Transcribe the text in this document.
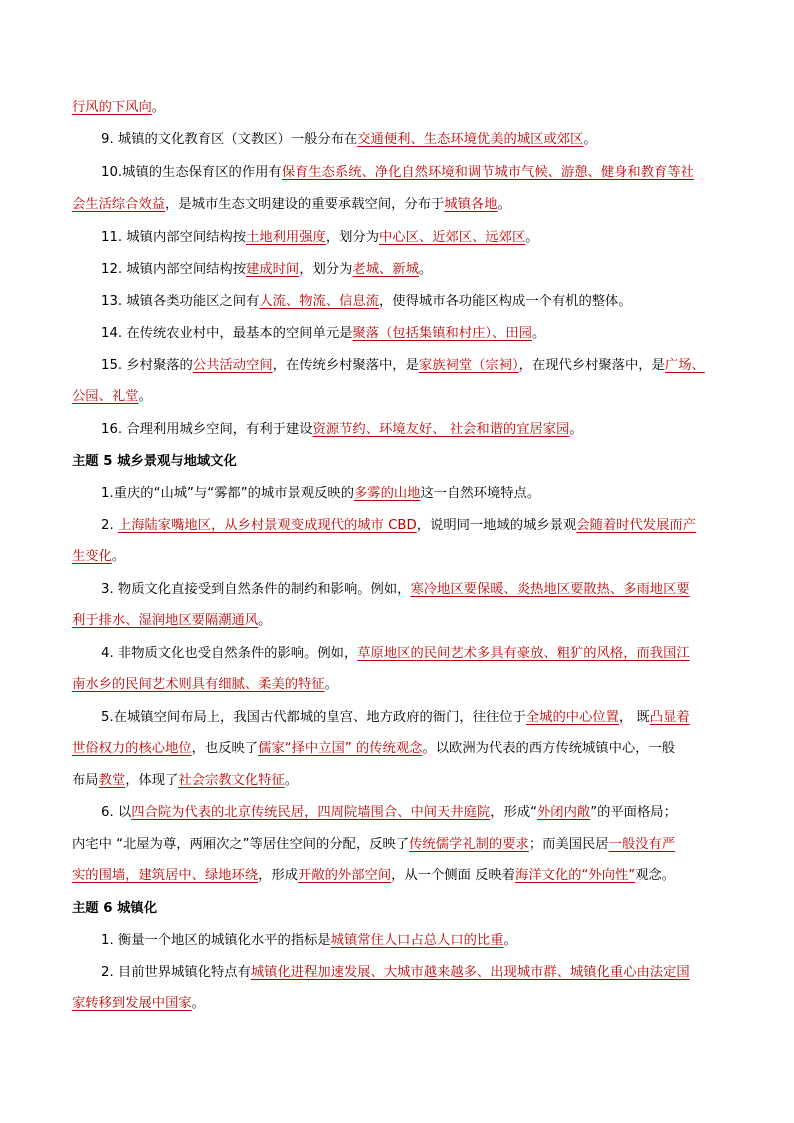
行风的下风向。
9. 城镇的文化教育区（文教区）一般分布在交通便利、生态环境优美的城区或郊区。
10.城镇的生态保育区的作用有保育生态系统、净化自然环境和调节城市气候、游憩、健身和教育等社
会生活综合效益，是城市生态文明建设的重要承载空间，分布于城镇各地。
11. 城镇内部空间结构按土地利用强度，划分为中心区、近郊区、远郊区。
12. 城镇内部空间结构按建成时间，划分为老城、新城。
13. 城镇各类功能区之间有人流、物流、信息流，使得城市各功能区构成一个有机的整体。
14. 在传统农业村中，最基本的空间单元是聚落（包括集镇和村庄）、田园。
15. 乡村聚落的公共活动空间，在传统乡村聚落中，是家族祠堂（宗祠），在现代乡村聚落中，是广场、
公园、礼堂。
16. 合理利用城乡空间，有利于建设资源节约、环境友好、 社会和谐的宜居家园。
主题 5 城乡景观与地域文化
1.重庆的“山城”与“雾都”的城市景观反映的多雾的山地这一自然环境特点。
2. 上海陆家嘴地区，从乡村景观变成现代的城市 CBD，说明同一地域的城乡景观会随着时代发展而产
生变化。
3. 物质文化直接受到自然条件的制约和影响。例如，寒冷地区要保暖、炎热地区要散热、多雨地区要
利于排水、湿润地区要隔潮通风。
4. 非物质文化也受自然条件的影响。例如，草原地区的民间艺术多具有豪放、粗犷的风格，而我国江
南水乡的民间艺术则具有细腻、柔美的特征。
5.在城镇空间布局上，我国古代都城的皇宫、地方政府的衙门，往往位于全城的中心位置， 既凸显着
世俗权力的核心地位，也反映了儒家“择中立国” 的传统观念。以欧洲为代表的西方传统城镇中心，一般
布局教堂，体现了社会宗教文化特征。
6. 以四合院为代表的北京传统民居，四周院墙围合、中间天井庭院，形成“外闭内敞”的平面格局；
内宅中 “北屋为尊，两厢次之”等居住空间的分配，反映了传统儒学礼制的要求；而美国民居一般没有严
实的围墙，建筑居中、绿地环绕，形成开敞的外部空间，从一个侧面 反映着海洋文化的“外向性”观念。
主题 6 城镇化
1. 衡量一个地区的城镇化水平的指标是城镇常住人口占总人口的比重。
2. 目前世界城镇化特点有城镇化进程加速发展、大城市越来越多、出现城市群、城镇化重心由法定国
家转移到发展中国家。
